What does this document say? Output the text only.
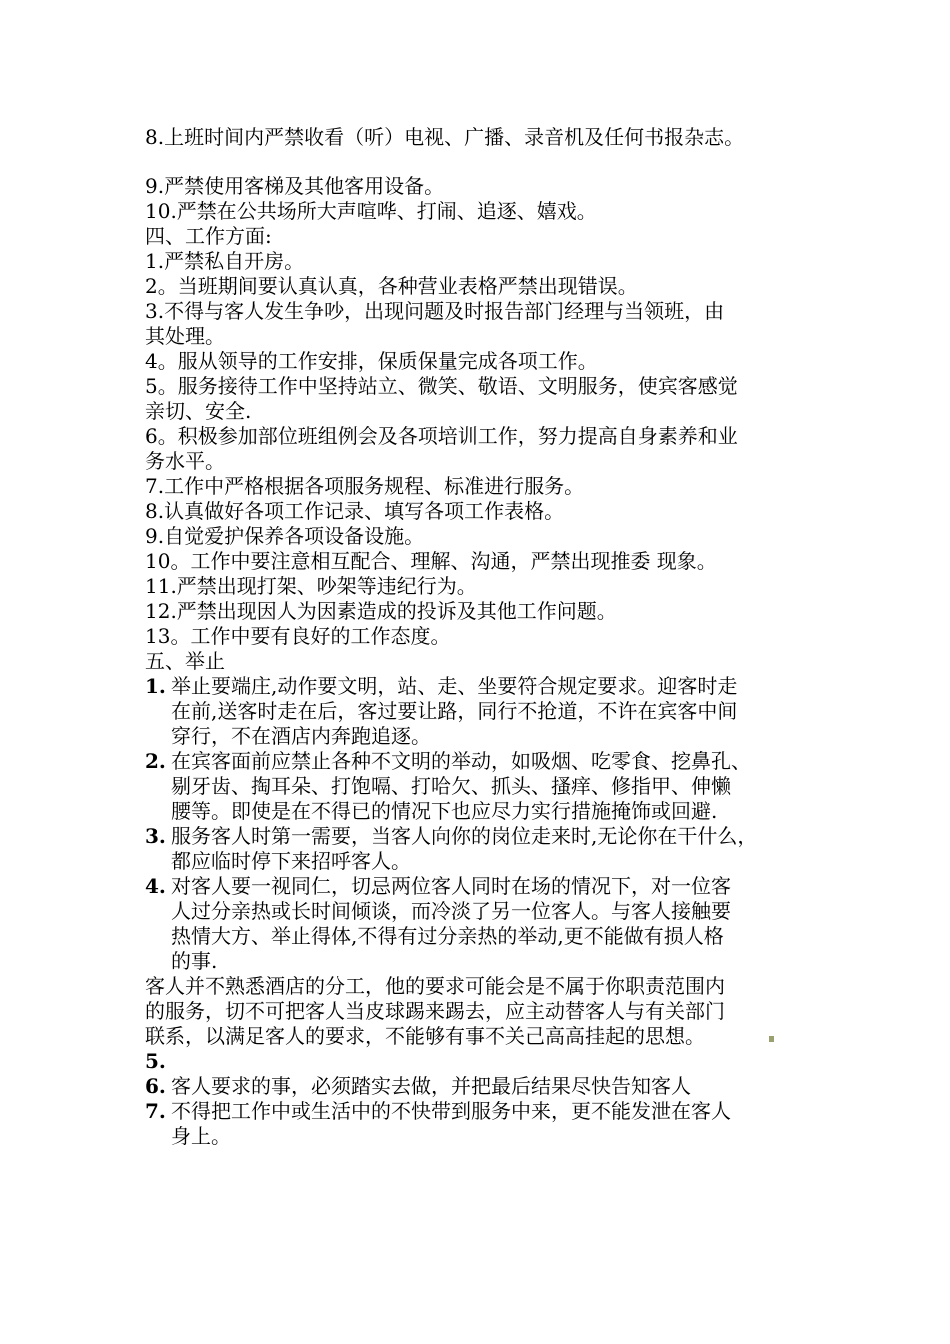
8.上班时间内严禁收看（听）电视、广播、录音机及任何书报杂志。
9.严禁使用客梯及其他客用设备。
10.严禁在公共场所大声喧哗、打闹、追逐、嬉戏。
四、工作方面:
1.严禁私自开房。
2。当班期间要认真认真，各种营业表格严禁出现错误。
3.不得与客人发生争吵，出现问题及时报告部门经理与当领班，由
其处理。
4。服从领导的工作安排，保质保量完成各项工作。
5。服务接待工作中坚持站立、微笑、敬语、文明服务，使宾客感觉
亲切、安全.
6。积极参加部位班组例会及各项培训工作，努力提高自身素养和业
务水平。
7.工作中严格根据各项服务规程、标准进行服务。
8.认真做好各项工作记录、填写各项工作表格。
9.自觉爱护保养各项设备设施。
10。工作中要注意相互配合、理解、沟通，严禁出现推委 现象。
11.严禁出现打架、吵架等违纪行为。
12.严禁出现因人为因素造成的投诉及其他工作问题。
13。工作中要有良好的工作态度。
五、举止
1. 举止要端庄,动作要文明，站、走、坐要符合规定要求。迎客时走
在前,送客时走在后，客过要让路，同行不抢道，不许在宾客中间
穿行，不在酒店内奔跑追逐。
2. 在宾客面前应禁止各种不文明的举动，如吸烟、吃零食、挖鼻孔、
剔牙齿、掏耳朵、打饱嗝、打哈欠、抓头、搔痒、修指甲、伸懒
腰等。即使是在不得已的情况下也应尽力实行措施掩饰或回避.
3. 服务客人时第一需要，当客人向你的岗位走来时,无论你在干什么，
都应临时停下来招呼客人。
4. 对客人要一视同仁，切忌两位客人同时在场的情况下，对一位客
人过分亲热或长时间倾谈，而冷淡了另一位客人。与客人接触要
热情大方、举止得体,不得有过分亲热的举动,更不能做有损人格
的事.
客人并不熟悉酒店的分工，他的要求可能会是不属于你职责范围内
的服务，切不可把客人当皮球踢来踢去，应主动替客人与有关部门
联系，以满足客人的要求，不能够有事不关己高高挂起的思想。
5.
6. 客人要求的事，必须踏实去做，并把最后结果尽快告知客人
7. 不得把工作中或生活中的不快带到服务中来，更不能发泄在客人
身上。
